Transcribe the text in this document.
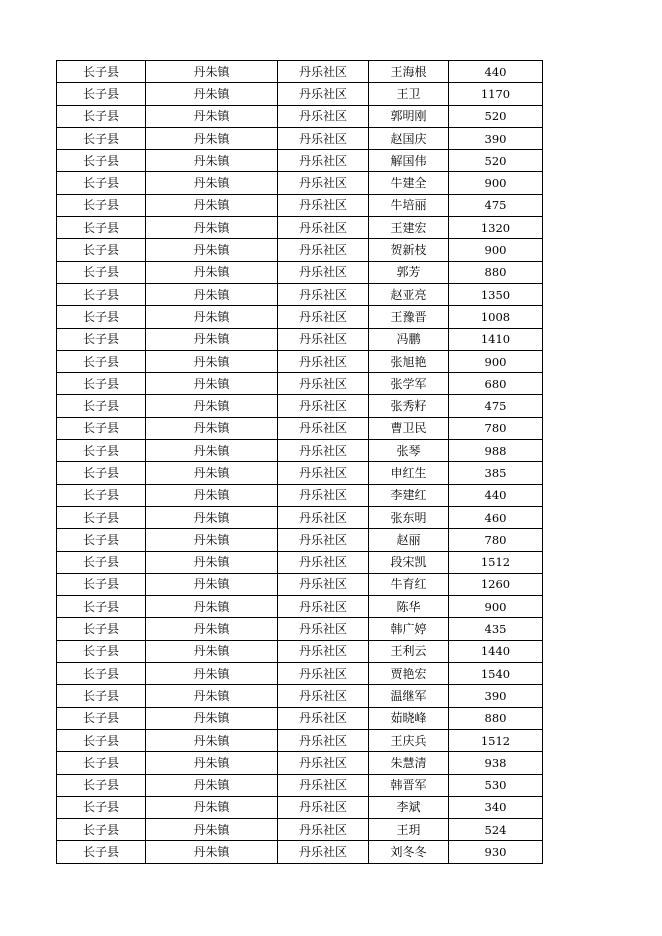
长子县	丹朱镇	丹乐社区	王海根	440
长子县	丹朱镇	丹乐社区	王卫	1170
长子县	丹朱镇	丹乐社区	郭明刚	520
长子县	丹朱镇	丹乐社区	赵国庆	390
长子县	丹朱镇	丹乐社区	解国伟	520
长子县	丹朱镇	丹乐社区	牛建全	900
长子县	丹朱镇	丹乐社区	牛培丽	475
长子县	丹朱镇	丹乐社区	王建宏	1320
长子县	丹朱镇	丹乐社区	贺新枝	900
长子县	丹朱镇	丹乐社区	郭芳	880
长子县	丹朱镇	丹乐社区	赵亚亮	1350
长子县	丹朱镇	丹乐社区	王豫晋	1008
长子县	丹朱镇	丹乐社区	冯鹏	1410
长子县	丹朱镇	丹乐社区	张旭艳	900
长子县	丹朱镇	丹乐社区	张学军	680
长子县	丹朱镇	丹乐社区	张秀籽	475
长子县	丹朱镇	丹乐社区	曹卫民	780
长子县	丹朱镇	丹乐社区	张琴	988
长子县	丹朱镇	丹乐社区	申红生	385
长子县	丹朱镇	丹乐社区	李建红	440
长子县	丹朱镇	丹乐社区	张东明	460
长子县	丹朱镇	丹乐社区	赵丽	780
长子县	丹朱镇	丹乐社区	段宋凯	1512
长子县	丹朱镇	丹乐社区	牛育红	1260
长子县	丹朱镇	丹乐社区	陈华	900
长子县	丹朱镇	丹乐社区	韩广婷	435
长子县	丹朱镇	丹乐社区	王利云	1440
长子县	丹朱镇	丹乐社区	贾艳宏	1540
长子县	丹朱镇	丹乐社区	温继军	390
长子县	丹朱镇	丹乐社区	茹晓峰	880
长子县	丹朱镇	丹乐社区	王庆兵	1512
长子县	丹朱镇	丹乐社区	朱慧清	938
长子县	丹朱镇	丹乐社区	韩晋军	530
长子县	丹朱镇	丹乐社区	李斌	340
长子县	丹朱镇	丹乐社区	王玥	524
长子县	丹朱镇	丹乐社区	刘冬冬	930
